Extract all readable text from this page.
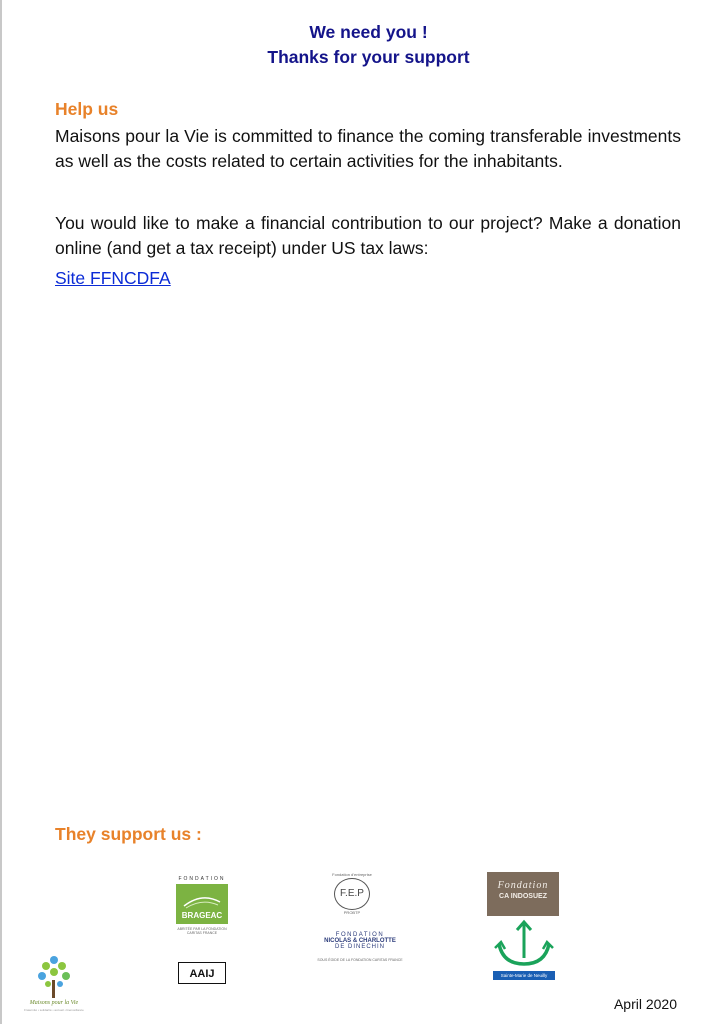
We need you !
Thanks for your support
Help us

Maisons pour la Vie is committed to finance the coming transferable investments as well as the costs related to certain activities for the inhabitants.

You would like to make a financial contribution to our project? Make a donation online (and get a tax receipt) under US tax laws:

Site FFNCDFA
They support us :
FONDATION
BRAGEAC
ABRITÉE PAR LA FONDATION CARITAS FRANCE
AAIJ
Fondation d'entreprise
F.E.P
PROBTP
FONDATION
NICOLAS & CHARLOTTE
DE DINECHIN
SOUS ÉGIDE DE LA FONDATION CARITAS FRANCE
Fondation
CA INDOSUEZ
Sainte-Marie de Neuilly
Maisons pour la Vie
Fraternité • solidarité • accueil • bienveillance	April 2020
